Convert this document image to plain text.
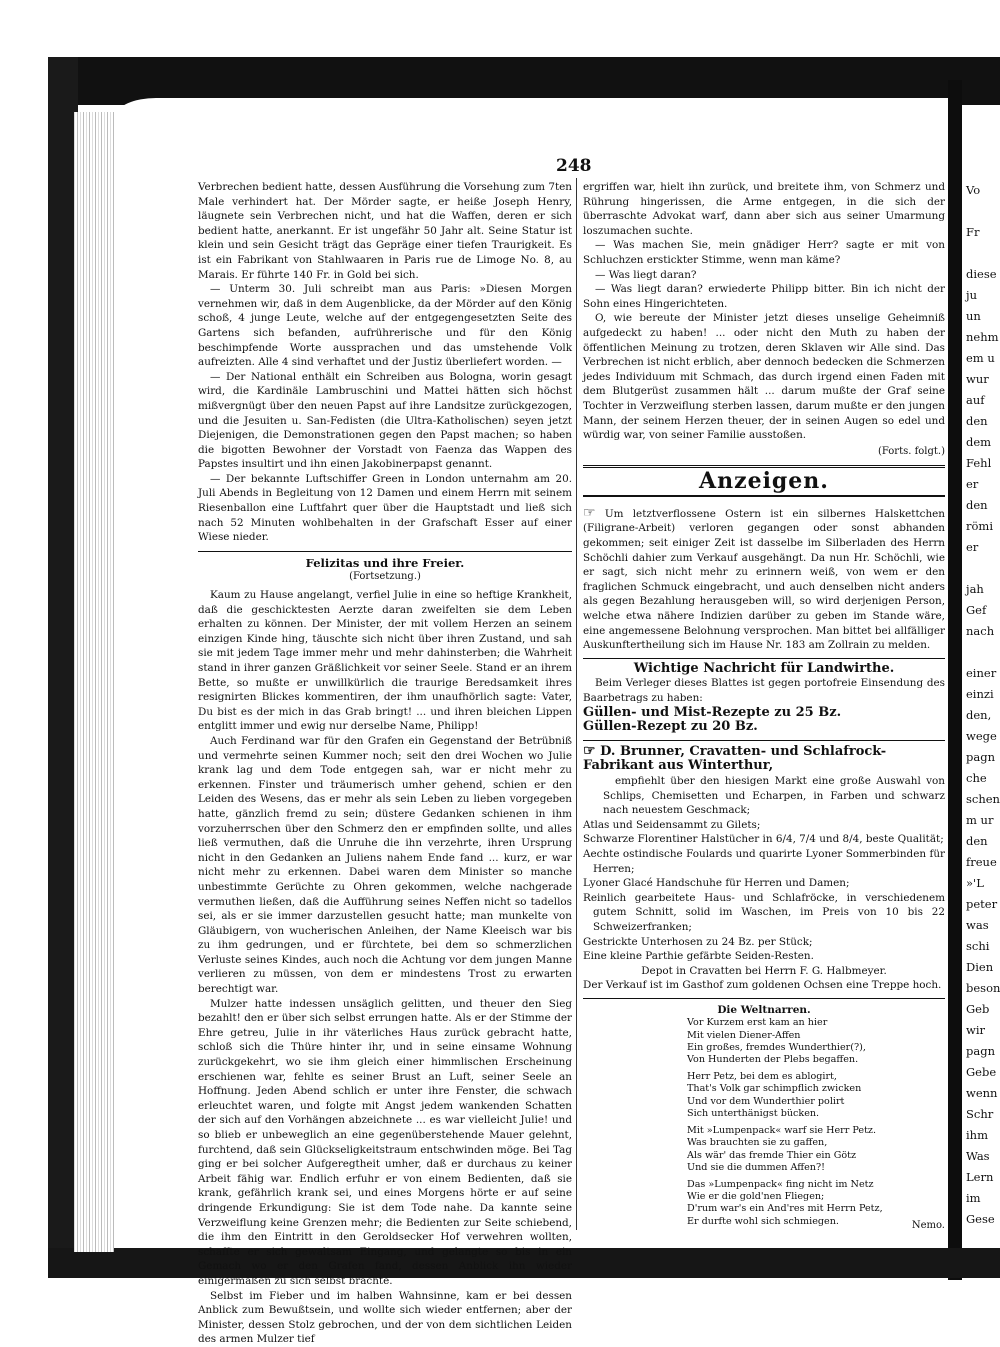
248

Verbrechen bedient hatte, dessen Ausführung die Vorsehung zum 7ten Male verhindert hat. Der Mörder sagte, er heiße Joseph Henry, läugnete sein Verbrechen nicht, und hat die Waffen, deren er sich bedient hatte, anerkannt. Er ist ungefähr 50 Jahr alt. Seine Statur ist klein und sein Gesicht trägt das Gepräge einer tiefen Traurigkeit. Es ist ein Fabrikant von Stahlwaaren in Paris rue de Limoge No. 8, au Marais. Er führte 140 Fr. in Gold bei sich.

— Unterm 30. Juli schreibt man aus Paris: »Diesen Morgen vernehmen wir, daß in dem Augenblicke, da der Mörder auf den König schoß, 4 junge Leute, welche auf der entgegengesetzten Seite des Gartens sich befanden, aufrührerische und für den König beschimpfende Worte aussprachen und das umstehende Volk aufreizten. Alle 4 sind verhaftet und der Justiz überliefert worden. —

— Der National enthält ein Schreiben aus Bologna, worin gesagt wird, die Kardinäle Lambruschini und Mattei hätten sich höchst mißvergnügt über den neuen Papst auf ihre Landsitze zurückgezogen, und die Jesuiten u. San-Fedisten (die Ultra-Katholischen) seyen jetzt Diejenigen, die Demonstrationen gegen den Papst machen; so haben die bigotten Bewohner der Vorstadt von Faenza das Wappen des Papstes insultirt und ihn einen Jakobinerpapst genannt.

— Der bekannte Luftschiffer Green in London unternahm am 20. Juli Abends in Begleitung von 12 Damen und einem Herrn mit seinem Riesenballon eine Luftfahrt quer über die Hauptstadt und ließ sich nach 52 Minuten wohlbehalten in der Grafschaft Esser auf einer Wiese nieder.

Felizitas und ihre Freier.
(Fortsetzung.)

Kaum zu Hause angelangt, verfiel Julie in eine so heftige Krankheit, daß die geschicktesten Aerzte daran zweifelten sie dem Leben erhalten zu können. Der Minister, der mit vollem Herzen an seinem einzigen Kinde hing, täuschte sich nicht über ihren Zustand, und sah sie mit jedem Tage immer mehr und mehr dahinsterben; die Wahrheit stand in ihrer ganzen Gräßlichkeit vor seiner Seele. Stand er an ihrem Bette, so mußte er unwillkürlich die traurige Beredsamkeit ihres resignirten Blickes kommentiren, der ihm unaufhörlich sagte: Vater, Du bist es der mich in das Grab bringt! ... und ihren bleichen Lippen entglitt immer und ewig nur derselbe Name, Philipp!

Auch Ferdinand war für den Grafen ein Gegenstand der Betrübniß und vermehrte seinen Kummer noch; seit den drei Wochen wo Julie krank lag und dem Tode entgegen sah, war er nicht mehr zu erkennen. Finster und träumerisch umher gehend, schien er den Leiden des Wesens, das er mehr als sein Leben zu lieben vorgegeben hatte, gänzlich fremd zu sein; düstere Gedanken schienen in ihm vorzuherrschen über den Schmerz den er empfinden sollte, und alles ließ vermuthen, daß die Unruhe die ihn verzehrte, ihren Ursprung nicht in den Gedanken an Juliens nahem Ende fand ... kurz, er war nicht mehr zu erkennen. Dabei waren dem Minister so manche unbestimmte Gerüchte zu Ohren gekommen, welche nachgerade vermuthen ließen, daß die Aufführung seines Neffen nicht so tadellos sei, als er sie immer darzustellen gesucht hatte; man munkelte von Gläubigern, von wucherischen Anleihen, der Name Kleeisch war bis zu ihm gedrungen, und er fürchtete, bei dem so schmerzlichen Verluste seines Kindes, auch noch die Achtung vor dem jungen Manne verlieren zu müssen, von dem er mindestens Trost zu erwarten berechtigt war.

Mulzer hatte indessen unsäglich gelitten, und theuer den Sieg bezahlt! den er über sich selbst errungen hatte. Als er der Stimme der Ehre getreu, Julie in ihr väterliches Haus zurück gebracht hatte, schloß sich die Thüre hinter ihr, und in seine einsame Wohnung zurückgekehrt, wo sie ihm gleich einer himmlischen Erscheinung erschienen war, fehlte es seiner Brust an Luft, seiner Seele an Hoffnung. Jeden Abend schlich er unter ihre Fenster, die schwach erleuchtet waren, und folgte mit Angst jedem wankenden Schatten der sich auf den Vorhängen abzeichnete ... es war vielleicht Julie! und so blieb er unbeweglich an eine gegenüberstehende Mauer gelehnt, furchtend, daß sein Glückseligkeitstraum entschwinden möge. Bei Tag ging er bei solcher Aufgeregtheit umher, daß er durchaus zu keiner Arbeit fähig war. Endlich erfuhr er von einem Bedienten, daß sie krank, gefährlich krank sei, und eines Morgens hörte er auf seine dringende Erkundigung: Sie ist dem Tode nahe. Da kannte seine Verzweiflung keine Grenzen mehr; die Bedienten zur Seite schiebend, die ihm den Eintritt in den Geroldsecker Hof verwehren wollten, schaffte er sich gewaltsam Eingang, und gelangte so bis in ein Gemach wo er den Grafen fand, dessen Anblick ihn wieder einigermaßen zu sich selbst brachte.

Selbst im Fieber und im halben Wahnsinne, kam er bei dessen Anblick zum Bewußtsein, und wollte sich wieder entfernen; aber der Minister, dessen Stolz gebrochen, und der von dem sichtlichen Leiden des armen Mulzer tief

ergriffen war, hielt ihn zurück, und breitete ihm, von Schmerz und Rührung hingerissen, die Arme entgegen, in die sich der überraschte Advokat warf, dann aber sich aus seiner Umarmung loszumachen suchte.

— Was machen Sie, mein gnädiger Herr? sagte er mit von Schluchzen erstickter Stimme, wenn man käme?

— Was liegt daran?

— Was liegt daran? erwiederte Philipp bitter. Bin ich nicht der Sohn eines Hingerichteten.

O, wie bereute der Minister jetzt dieses unselige Geheimniß aufgedeckt zu haben! ... oder nicht den Muth zu haben der öffentlichen Meinung zu trotzen, deren Sklaven wir Alle sind. Das Verbrechen ist nicht erblich, aber dennoch bedecken die Schmerzen jedes Individuum mit Schmach, das durch irgend einen Faden mit dem Blutgerüst zusammen hält ... darum mußte der Graf seine Tochter in Verzweiflung sterben lassen, darum mußte er den jungen Mann, der seinem Herzen theuer, der in seinen Augen so edel und würdig war, von seiner Familie ausstoßen.

(Forts. folgt.)
Anzeigen.

☞ Um letztverflossene Ostern ist ein silbernes Halskettchen (Filigrane-Arbeit) verloren gegangen oder sonst abhanden gekommen; seit einiger Zeit ist dasselbe im Silberladen des Herrn Schöchli dahier zum Verkauf ausgehängt. Da nun Hr. Schöchli, wie er sagt, sich nicht mehr zu erinnern weiß, von wem er den fraglichen Schmuck eingebracht, und auch denselben nicht anders als gegen Bezahlung herausgeben will, so wird derjenigen Person, welche etwa nähere Indizien darüber zu geben im Stande wäre, eine angemessene Belohnung versprochen. Man bittet bei allfälliger Auskunftertheilung sich im Hause Nr. 183 am Zollrain zu melden.

Wichtige Nachricht für Landwirthe.

Beim Verleger dieses Blattes ist gegen portofreie Einsendung des Baarbetrags zu haben:

Güllen- und Mist-Rezepte zu 25 Bz.
Güllen-Rezept zu 20 Bz.
☞ D. Brunner, Cravatten- und Schlafrock-Fabrikant aus Winterthur,

empfiehlt über den hiesigen Markt eine große Auswahl von Schlips, Chemisetten und Echarpen, in Farben und schwarz nach neuestem Geschmack;

Atlas und Seidensammt zu Gilets;

Schwarze Florentiner Halstücher in 6/4, 7/4 und 8/4, beste Qualität;

Aechte ostindische Foulards und quarirte Lyoner Sommerbinden für Herren;

Lyoner Glacé Handschuhe für Herren und Damen;

Reinlich gearbeitete Haus- und Schlafröcke, in verschiedenem gutem Schnitt, solid im Waschen, im Preis von 10 bis 22 Schweizerfranken;

Gestrickte Unterhosen zu 24 Bz. per Stück;

Eine kleine Parthie gefärbte Seiden-Resten.

Depot in Cravatten bei Herrn F. G. Halbmeyer.
Der Verkauf ist im Gasthof zum goldenen Ochsen eine Treppe hoch.
Die Weltnarren.
Vor Kurzem erst kam an hier
Mit vielen Diener-Affen
Ein großes, fremdes Wunderthier(?),
Von Hunderten der Plebs begaffen.
Herr Petz, bei dem es ablogirt,
That's Volk gar schimpflich zwicken
Und vor dem Wunderthier polirt
Sich unterthänigst bücken.
Mit »Lumpenpack« warf sie Herr Petz.
Was brauchten sie zu gaffen,
Als wär' das fremde Thier ein Götz
Und sie die dummen Affen?!
Das »Lumpenpack« fing nicht im Netz
Wie er die gold'nen Fliegen;
D'rum war's ein And'res mit Herrn Petz,
Er durfte wohl sich schmiegen.	Nemo.
Vo
Fr
diese
ju
un
nehm
em u
wur
auf
den
dem
Fehl
er
den
römi
er
jah
Gef
nach
einer
einzi
den,
wege
pagn
che
schen
m ur
den
freue
»'L
peter
was
schi
Dien
beson
Geb
wir
pagn
Gebe
wenn
Schr
ihm
Was
Lern
im
Gese
